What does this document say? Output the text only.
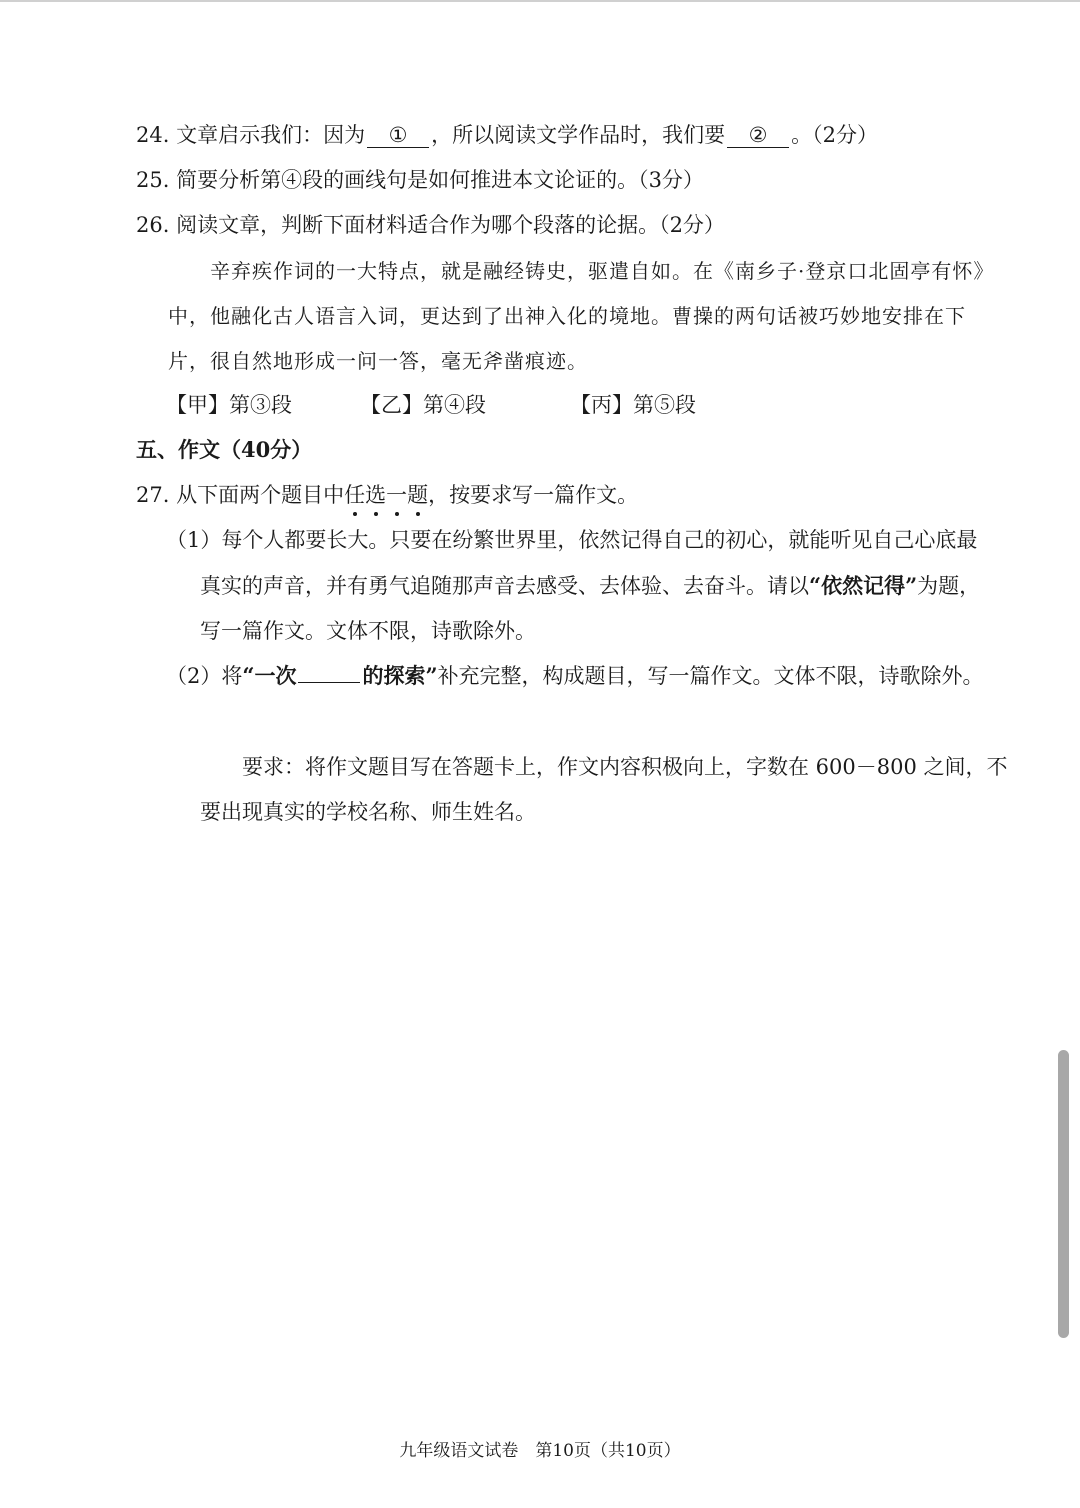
24. 文章启示我们：因为 ① ，所以阅读文学作品时，我们要 ② 。（2分）
25. 简要分析第④段的画线句是如何推进本文论证的。（3分）
26. 阅读文章，判断下面材料适合作为哪个段落的论据。（2分）
辛弃疾作词的一大特点，就是融经铸史，驱遣自如。在《南乡子·登京口北固亭有怀》
中，他融化古人语言入词，更达到了出神入化的境地。曹操的两句话被巧妙地安排在下
片，很自然地形成一问一答，毫无斧凿痕迹。
【甲】第③段	【乙】第④段	【丙】第⑤段
五、作文（40分）
27. 从下面两个题目中任选一题，按要求写一篇作文。
（1）每个人都要长大。只要在纷繁世界里，依然记得自己的初心，就能听见自己心底最
真实的声音，并有勇气追随那声音去感受、去体验、去奋斗。请以“依然记得”为题，
写一篇作文。文体不限，诗歌除外。
（2）将“一次	的探索”补充完整，构成题目，写一篇作文。文体不限，诗歌除外。
要求：将作文题目写在答题卡上，作文内容积极向上，字数在 600－800 之间，不
要出现真实的学校名称、师生姓名。
九年级语文试卷　第10页（共10页）
